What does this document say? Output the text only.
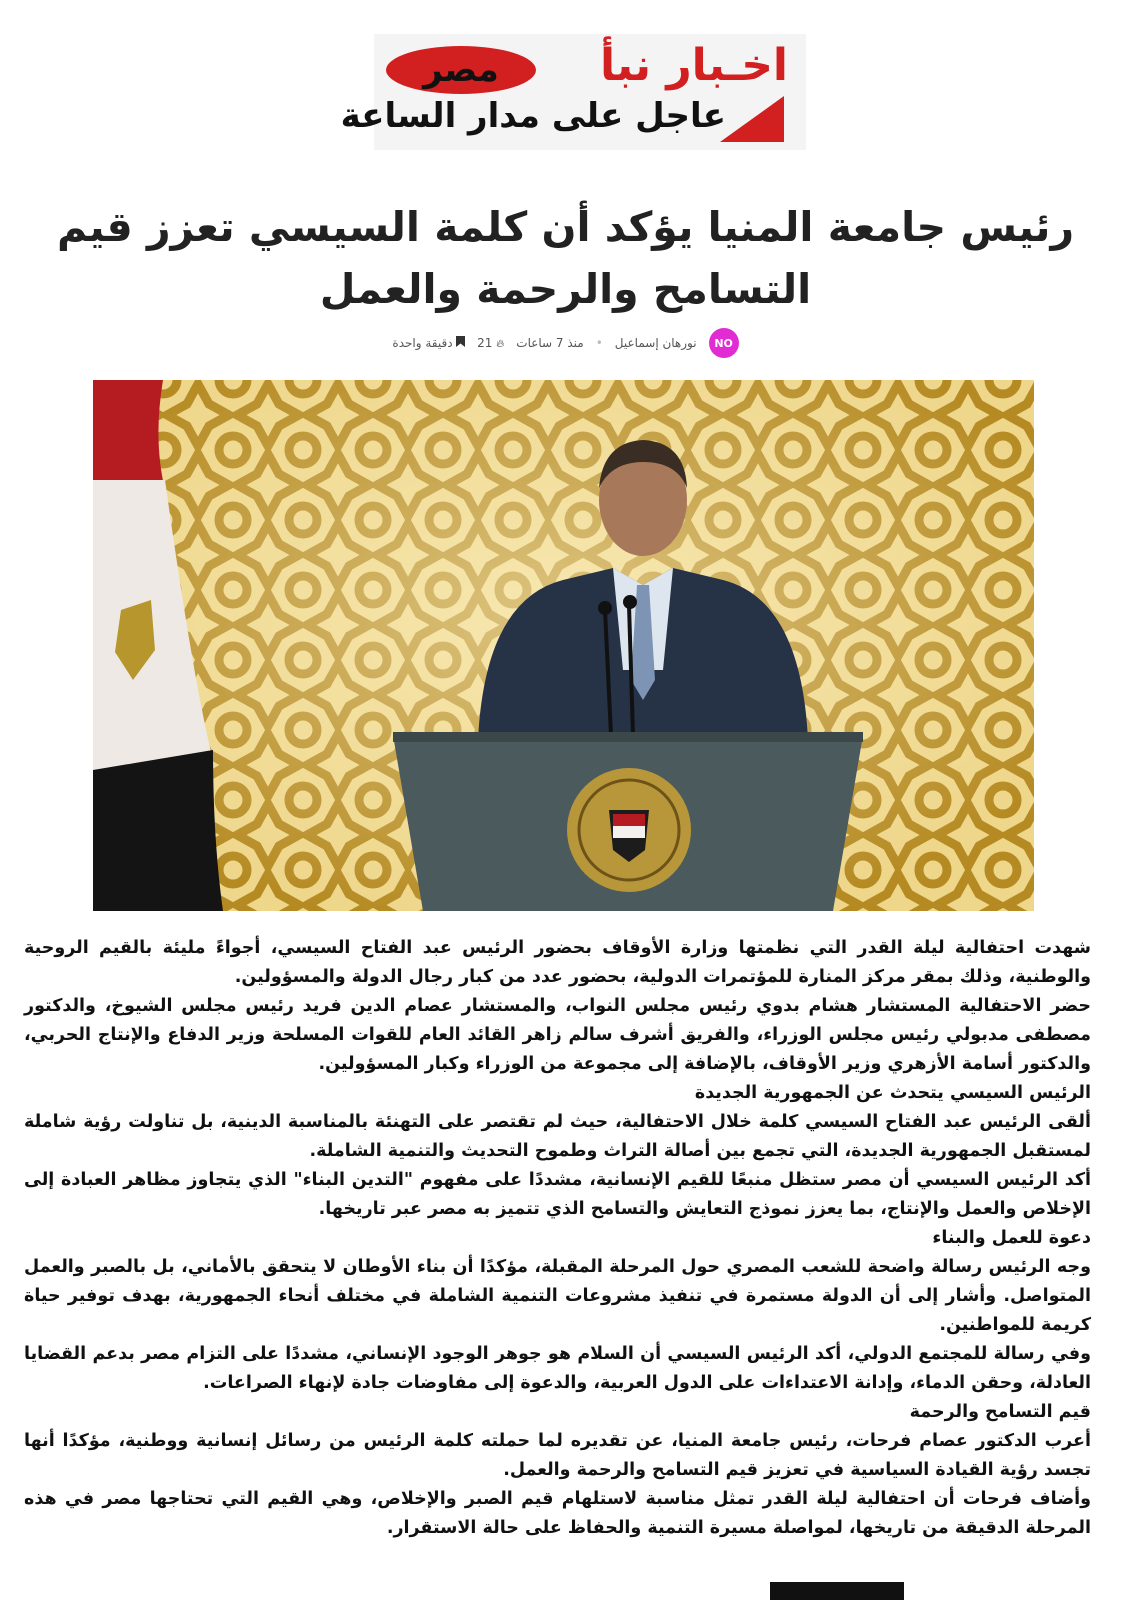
مصر	اخـبار نبأ
عاجل على مدار الساعة
رئيس جامعة المنيا يؤكد أن كلمة السيسي تعزز قيم التسامح والرحمة والعمل
NO
نورهان إسماعيل
•
منذ 7 ساعات
🔥︎ 21
دقيقة واحدة

شهدت احتفالية ليلة القدر التي نظمتها وزارة الأوقاف بحضور الرئيس عبد الفتاح السيسي، أجواءً مليئة بالقيم الروحية والوطنية، وذلك بمقر مركز المنارة للمؤتمرات الدولية، بحضور عدد من كبار رجال الدولة والمسؤولين.

حضر الاحتفالية المستشار هشام بدوي رئيس مجلس النواب، والمستشار عصام الدين فريد رئيس مجلس الشيوخ، والدكتور مصطفى مدبولي رئيس مجلس الوزراء، والفريق أشرف سالم زاهر القائد العام للقوات المسلحة وزير الدفاع والإنتاج الحربي، والدكتور أسامة الأزهري وزير الأوقاف، بالإضافة إلى مجموعة من الوزراء وكبار المسؤولين.

الرئيس السيسي يتحدث عن الجمهورية الجديدة

ألقى الرئيس عبد الفتاح السيسي كلمة خلال الاحتفالية، حيث لم تقتصر على التهنئة بالمناسبة الدينية، بل تناولت رؤية شاملة لمستقبل الجمهورية الجديدة، التي تجمع بين أصالة التراث وطموح التحديث والتنمية الشاملة.

أكد الرئيس السيسي أن مصر ستظل منبعًا للقيم الإنسانية، مشددًا على مفهوم "التدين البناء" الذي يتجاوز مظاهر العبادة إلى الإخلاص والعمل والإنتاج، بما يعزز نموذج التعايش والتسامح الذي تتميز به مصر عبر تاريخها.

دعوة للعمل والبناء

وجه الرئيس رسالة واضحة للشعب المصري حول المرحلة المقبلة، مؤكدًا أن بناء الأوطان لا يتحقق بالأماني، بل بالصبر والعمل المتواصل. وأشار إلى أن الدولة مستمرة في تنفيذ مشروعات التنمية الشاملة في مختلف أنحاء الجمهورية، بهدف توفير حياة كريمة للمواطنين.

وفي رسالة للمجتمع الدولي، أكد الرئيس السيسي أن السلام هو جوهر الوجود الإنساني، مشددًا على التزام مصر بدعم القضايا العادلة، وحقن الدماء، وإدانة الاعتداءات على الدول العربية، والدعوة إلى مفاوضات جادة لإنهاء الصراعات.

قيم التسامح والرحمة

أعرب الدكتور عصام فرحات، رئيس جامعة المنيا، عن تقديره لما حملته كلمة الرئيس من رسائل إنسانية ووطنية، مؤكدًا أنها تجسد رؤية القيادة السياسية في تعزيز قيم التسامح والرحمة والعمل.

وأضاف فرحات أن احتفالية ليلة القدر تمثل مناسبة لاستلهام قيم الصبر والإخلاص، وهي القيم التي تحتاجها مصر في هذه المرحلة الدقيقة من تاريخها، لمواصلة مسيرة التنمية والحفاظ على حالة الاستقرار.
